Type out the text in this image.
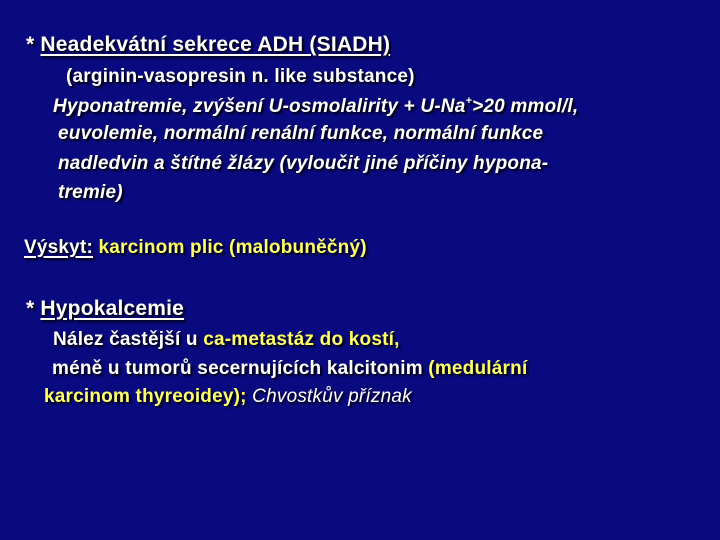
* Neadekvátní sekrece ADH (SIADH)
(arginin-vasopresin n. like substance)
Hyponatremie, zvýšení U-osmolalirity + U-Na+>20 mmol/l,
euvolemie, normální renální funkce, normální funkce
nadledvin a štítné žlázy (vyloučit jiné příčiny hypona-
tremie)
Výskyt: karcinom plic (malobuněčný)
* Hypokalcemie
Nález častější u ca-metastáz do kostí,
méně u tumorů secernujících kalcitonim (medulární
karcinom thyreoidey); Chvostkův příznak
